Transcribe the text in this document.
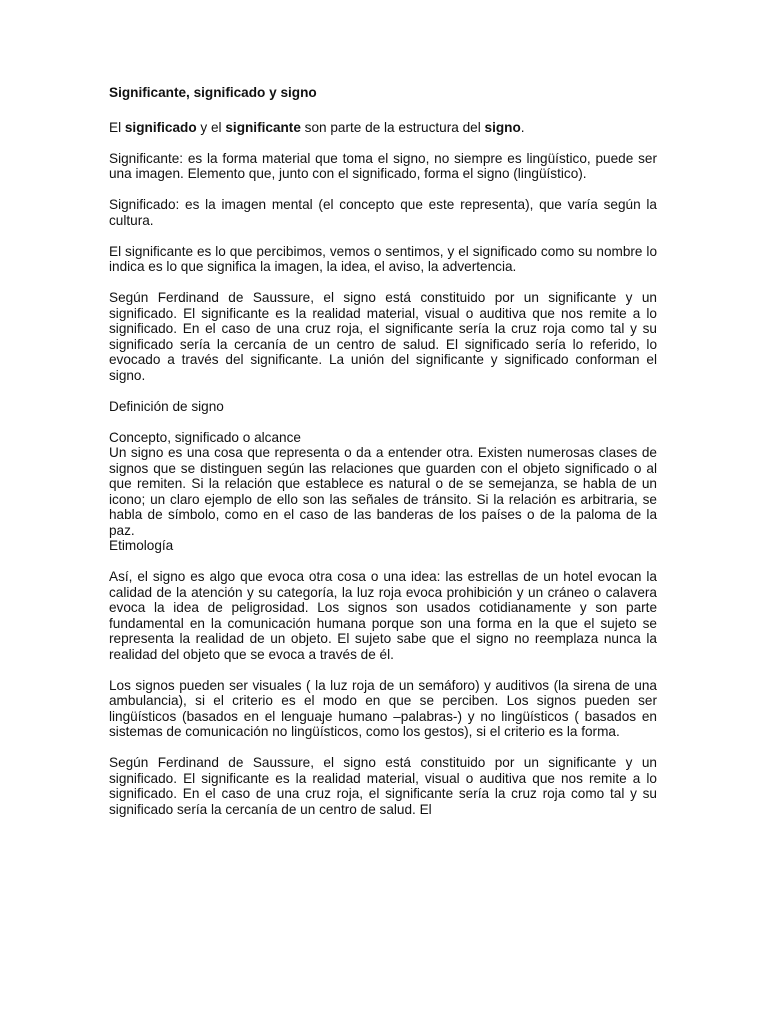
Significante, significado y signo

El significado y el significante son parte de la estructura del signo.

Significante: es la forma material que toma el signo, no siempre es lingüístico, puede ser una imagen. Elemento que, junto con el significado, forma el signo (lingüístico).

Significado: es la imagen mental (el concepto que este representa), que varía según la cultura.

El significante es lo que percibimos, vemos o sentimos, y el significado como su nombre lo indica es lo que significa la imagen, la idea, el aviso, la advertencia.

Según Ferdinand de Saussure, el signo está constituido por un significante y un significado. El significante es la realidad material, visual o auditiva que nos remite a lo significado. En el caso de una cruz roja, el significante sería la cruz roja como tal y su significado sería la cercanía de un centro de salud. El significado sería lo referido, lo evocado a través del significante. La unión del significante y significado conforman el signo.

Definición de signo

Concepto, significado o alcance

Un signo es una cosa que representa o da a entender otra. Existen numerosas clases de signos que se distinguen según las relaciones que guarden con el objeto significado o al que remiten. Si la relación que establece es natural o de se semejanza, se habla de un icono; un claro ejemplo de ello son las señales de tránsito. Si la relación es arbitraria, se habla de símbolo, como en el caso de las banderas de los países o de la paloma de la paz.

Etimología

Así, el signo es algo que evoca otra cosa o una idea: las estrellas de un hotel evocan la calidad de la atención y su categoría, la luz roja evoca prohibición y un cráneo o calavera evoca la idea de peligrosidad. Los signos son usados cotidianamente y son parte fundamental en la comunicación humana porque son una forma en la que el sujeto se representa la realidad de un objeto. El sujeto sabe que el signo no reemplaza nunca la realidad del objeto que se evoca a través de él.

Los signos pueden ser visuales ( la luz roja de un semáforo) y auditivos (la sirena de una ambulancia), si el criterio es el modo en que se perciben. Los signos pueden ser lingüísticos (basados en el lenguaje humano –palabras-) y no lingüísticos ( basados en sistemas de comunicación no lingüísticos, como los gestos), si el criterio es la forma.

Según Ferdinand de Saussure, el signo está constituido por un significante y un significado. El significante es la realidad material, visual o auditiva que nos remite a lo significado. En el caso de una cruz roja, el significante sería la cruz roja como tal y su significado sería la cercanía de un centro de salud. El
